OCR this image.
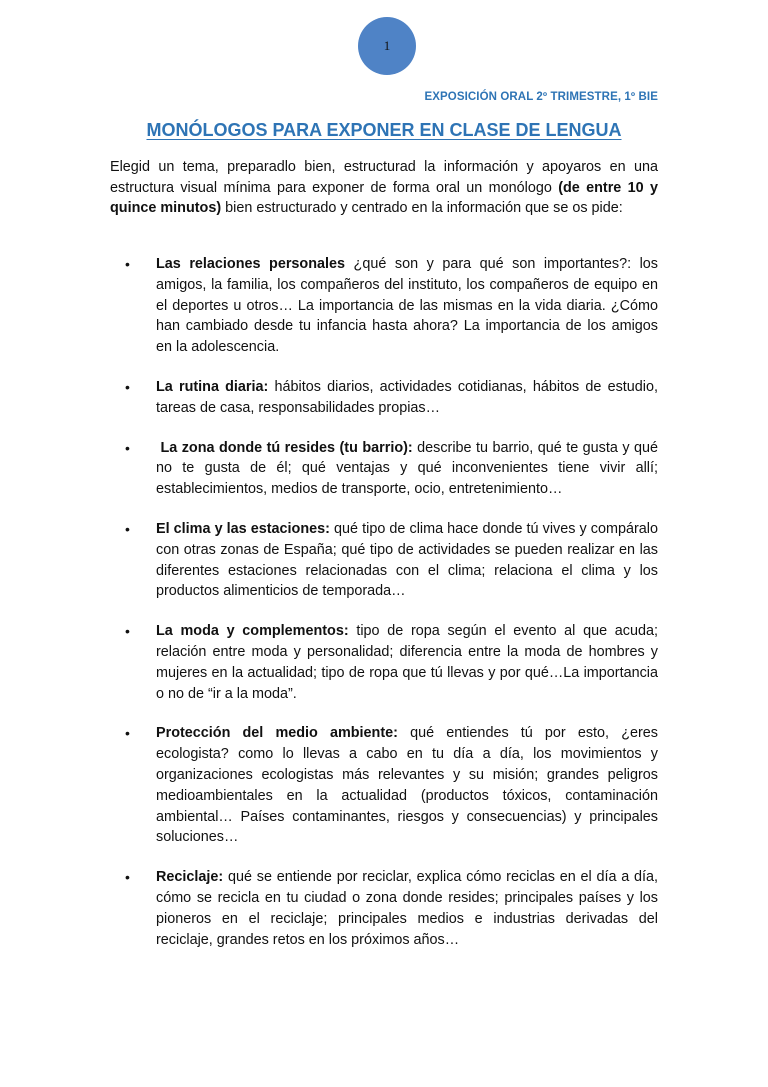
1
EXPOSICIÓN ORAL 2º TRIMESTRE, 1º BIE
MONÓLOGOS PARA EXPONER EN CLASE DE LENGUA

Elegid un tema, preparadlo bien, estructurad la información y apoyaros en una estructura visual mínima para exponer de forma oral un monólogo (de entre 10 y quince minutos) bien estructurado y centrado en la información que se os pide:

• Las relaciones personales ¿qué son y para qué son importantes?: los amigos, la familia, los compañeros del instituto, los compañeros de equipo en el deportes u otros… La importancia de las mismas en la vida diaria. ¿Cómo han cambiado desde tu infancia hasta ahora? La importancia de los amigos en la adolescencia.
• La rutina diaria: hábitos diarios, actividades cotidianas, hábitos de estudio, tareas de casa, responsabilidades propias…
• La zona donde tú resides (tu barrio): describe tu barrio, qué te gusta y qué no te gusta de él; qué ventajas y qué inconvenientes tiene vivir allí; establecimientos, medios de transporte, ocio, entretenimiento…
• El clima y las estaciones: qué tipo de clima hace donde tú vives y compáralo con otras zonas de España; qué tipo de actividades se pueden realizar en las diferentes estaciones relacionadas con el clima; relaciona el clima y los productos alimenticios de temporada…
• La moda y complementos: tipo de ropa según el evento al que acuda; relación entre moda y personalidad; diferencia entre la moda de hombres y mujeres en la actualidad; tipo de ropa que tú llevas y por qué…La importancia o no de “ir a la moda”.
• Protección del medio ambiente: qué entiendes tú por esto, ¿eres ecologista? como lo llevas a cabo en tu día a día, los movimientos y organizaciones ecologistas más relevantes y su misión; grandes peligros medioambientales en la actualidad (productos tóxicos, contaminación ambiental… Países contaminantes, riesgos y consecuencias) y principales soluciones…
• Reciclaje: qué se entiende por reciclar, explica cómo reciclas en el día a día, cómo se recicla en tu ciudad o zona donde resides; principales países y los pioneros en el reciclaje; principales medios e industrias derivadas del reciclaje, grandes retos en los próximos años…
